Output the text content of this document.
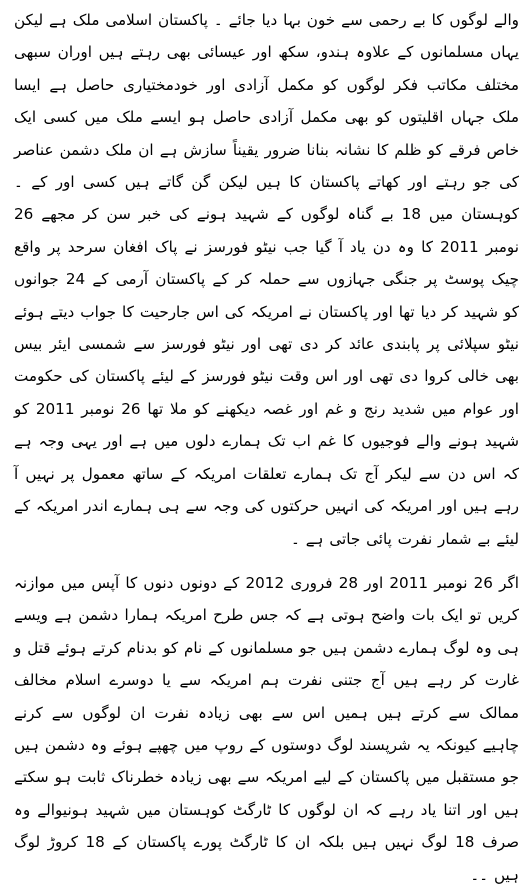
والے لوگوں کا بے رحمی سے خون بہا دیا جائے ۔ پاکستان اسلامی ملک ہے لیکن یہاں مسلمانوں کے علاوہ ہندو، سکھ اور عیسائی بھی رہتے ہیں اوران سبھی مختلف مکاتب فکر لوگوں کو مکمل آزادی اور خودمختیاری حاصل ہے ایسا ملک جہاں اقلیتوں کو بھی مکمل آزادی حاصل ہو ایسے ملک میں کسی ایک خاص فرقے کو ظلم کا نشانہ بنانا ضرور یقیناً سازش ہے ان ملک دشمن عناصر کی جو رہتے اور کھاتے پاکستان کا ہیں لیکن گن گاتے ہیں کسی اور کے ۔ کوہستان میں 18 بے گناہ لوگوں کے شہید ہونے کی خبر سن کر مجھے 26 نومبر 2011 کا وہ دن یاد آ گیا جب نیٹو فورسز نے پاک افغان سرحد پر واقع چیک پوسٹ پر جنگی جہازوں سے حملہ کر کے پاکستان آرمی کے 24 جوانوں کو شہید کر دیا تھا اور پاکستان نے امریکہ کی اس جارحیت کا جواب دیتے ہوئے نیٹو سپلائی پر پابندی عائد کر دی تھی اور نیٹو فورسز سے شمسی ایئر بیس بھی خالی کروا دی تھی اور اس وقت نیٹو فورسز کے لیئے پاکستان کی حکومت اور عوام میں شدید رنج و غم اور غصہ دیکھنے کو ملا تھا 26 نومبر 2011 کو شہید ہونے والے فوجیوں کا غم اب تک ہمارے دلوں میں ہے اور یہی وجہ ہے کہ اس دن سے لیکر آج تک ہمارے تعلقات امریکہ کے ساتھ معمول پر نہیں آ رہے ہیں اور امریکہ کی انہیں حرکتوں کی وجہ سے ہی ہمارے اندر امریکہ کے لیئے بے شمار نفرت پائی جاتی ہے ۔

اگر 26 نومبر 2011 اور 28 فروری 2012 کے دونوں دنوں کا آپس میں موازنہ کریں تو ایک بات واضح ہوتی ہے کہ جس طرح امریکہ ہمارا دشمن ہے ویسے ہی وہ لوگ ہمارے دشمن ہیں جو مسلمانوں کے نام کو بدنام کرتے ہوئے قتل و غارت کر رہے ہیں آج جتنی نفرت ہم امریکہ سے یا دوسرے اسلام مخالف ممالک سے کرتے ہیں ہمیں اس سے بھی زیادہ نفرت ان لوگوں سے کرنے چاہیے کیونکہ یہ شرپسند لوگ دوستوں کے روپ میں چھپے ہوئے وہ دشمن ہیں جو مستقبل میں پاکستان کے لیے امریکہ سے بھی زیادہ خطرناک ثابت ہو سکتے ہیں اور اتنا یاد رہے کہ ان لوگوں کا ٹارگٹ کوہستان میں شہید ہونیوالے وہ صرف 18 لوگ نہیں ہیں بلکہ ان کا ٹارگٹ پورے پاکستان کے 18 کروڑ لوگ ہیں ۔۔
